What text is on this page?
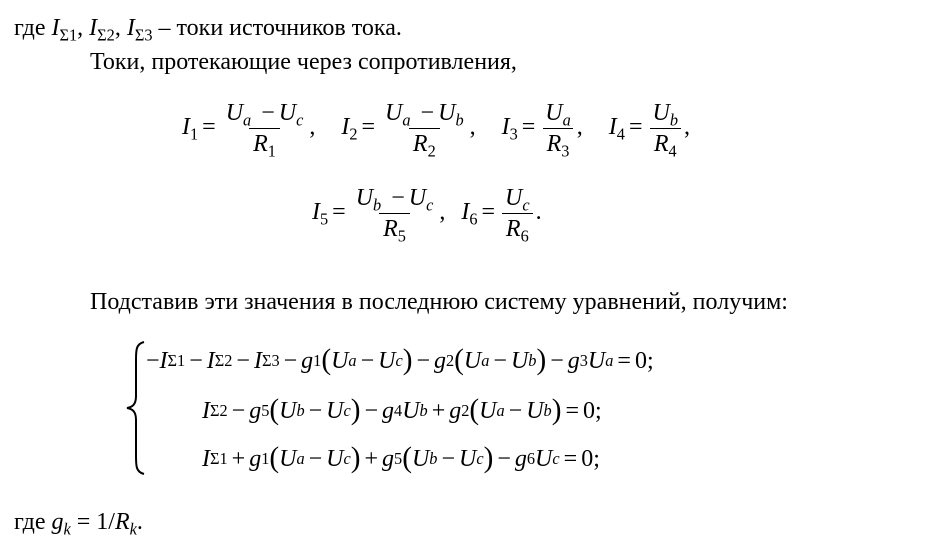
где $I_{\Sigma 1}$, $I_{\Sigma 2}$, $I_{\Sigma 3}$ – токи источников тока.
Токи, протекающие через сопротивления,
$I_1 = \frac{U_a - U_c}{R_1}$ , $I_2 = \frac{U_a - U_b}{R_2}$ , $I_3 = \frac{U_a}{R_3}$ , $I_4 = \frac{U_b}{R_4}$ ,
$I_5 = \frac{U_b - U_c}{R_5}$ , $I_6 = \frac{U_c}{R_6}$ .
Подставив эти значения в последнюю систему уравнений, получим:
− I Σ1 − I Σ2 − I Σ3 − g 1 ( U a − U c ) − g 2 ( U a − U b ) − g 3 U a = 0;
I Σ2 − g 5 ( U b − U c ) − g 4 U b + g 2 ( U a − U b ) = 0;
I Σ1 + g 1 ( U a − U c ) + g 5 ( U b − U c ) − g 6 U c = 0;
где $g_k = 1/R_k$.
